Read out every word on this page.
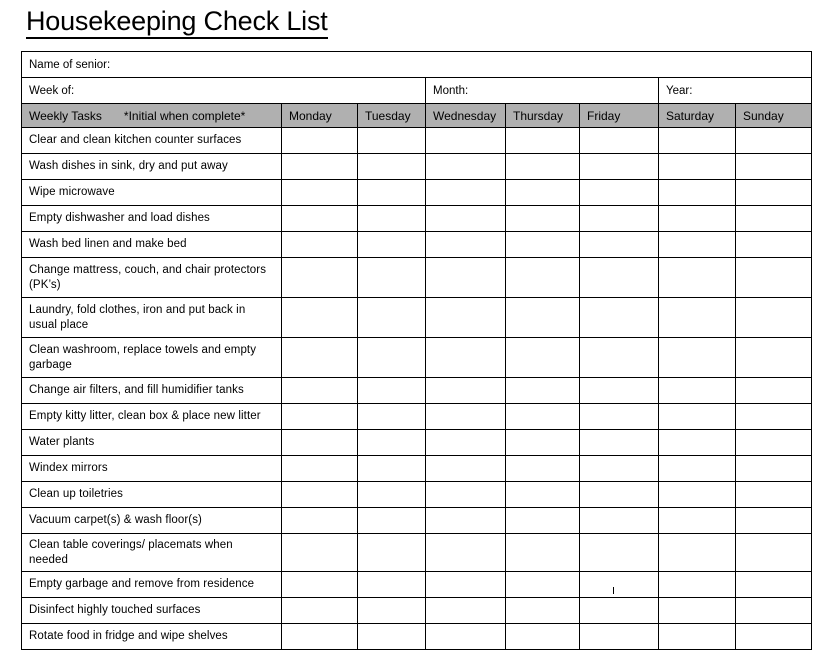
Housekeeping Check List
Name of senior:							
Week of:			Month:			Year:	

Weekly Tasks *Initial when complete*	Monday	Tuesday	Wednesday	Thursday	Friday	Saturday	Sunday
Clear and clean kitchen counter surfaces							
Wash dishes in sink, dry and put away							
Wipe microwave							
Empty dishwasher and load dishes							
Wash bed linen and make bed							
Change mattress, couch, and chair protectors (PK’s)							
Laundry, fold clothes, iron and put back in usual place							
Clean washroom, replace towels and empty garbage							
Change air filters, and fill humidifier tanks							
Empty kitty litter, clean box & place new litter							
Water plants							
Windex mirrors							
Clean up toiletries							
Vacuum carpet(s) & wash floor(s)							
Clean table coverings/ placemats when needed							
Empty garbage and remove from residence							
Disinfect highly touched surfaces							
Rotate food in fridge and wipe shelves							
